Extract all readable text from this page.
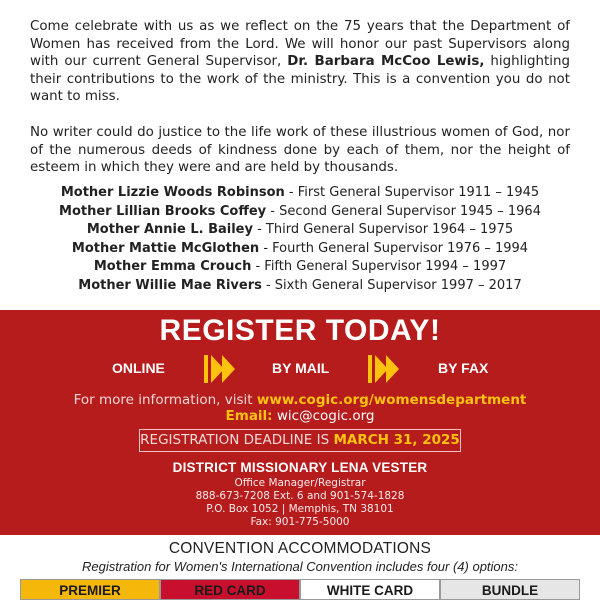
Come celebrate with us as we reflect on the 75 years that the Department of Women has received from the Lord. We will honor our past Supervisors along with our current General Supervisor, Dr. Barbara McCoo Lewis, highlighting their contributions to the work of the ministry. This is a convention you do not want to miss.

No writer could do justice to the life work of these illustrious women of God, nor of the numerous deeds of kindness done by each of them, nor the height of esteem in which they were and are held by thousands.

Mother Lizzie Woods Robinson - First General Supervisor 1911 – 1945
Mother Lillian Brooks Coffey - Second General Supervisor 1945 – 1964
Mother Annie L. Bailey - Third General Supervisor 1964 – 1975
Mother Mattie McGlothen - Fourth General Supervisor 1976 – 1994
Mother Emma Crouch - Fifth General Supervisor 1994 – 1997
Mother Willie Mae Rivers - Sixth General Supervisor 1997 – 2017
REGISTER TODAY!
ONLINE	BY MAIL	BY FAX
For more information, visit www.cogic.org/womensdepartment
Email: wic@cogic.org
REGISTRATION DEADLINE IS MARCH 31, 2025
DISTRICT MISSIONARY LENA VESTER
Office Manager/Registrar
888-673-7208 Ext. 6 and 901-574-1828
P.O. Box 1052 | Memphis, TN 38101
Fax: 901-775-5000
CONVENTION ACCOMMODATIONS
Registration for Women's International Convention includes four (4) options:
PREMIER	RED CARD	WHITE CARD	BUNDLE
